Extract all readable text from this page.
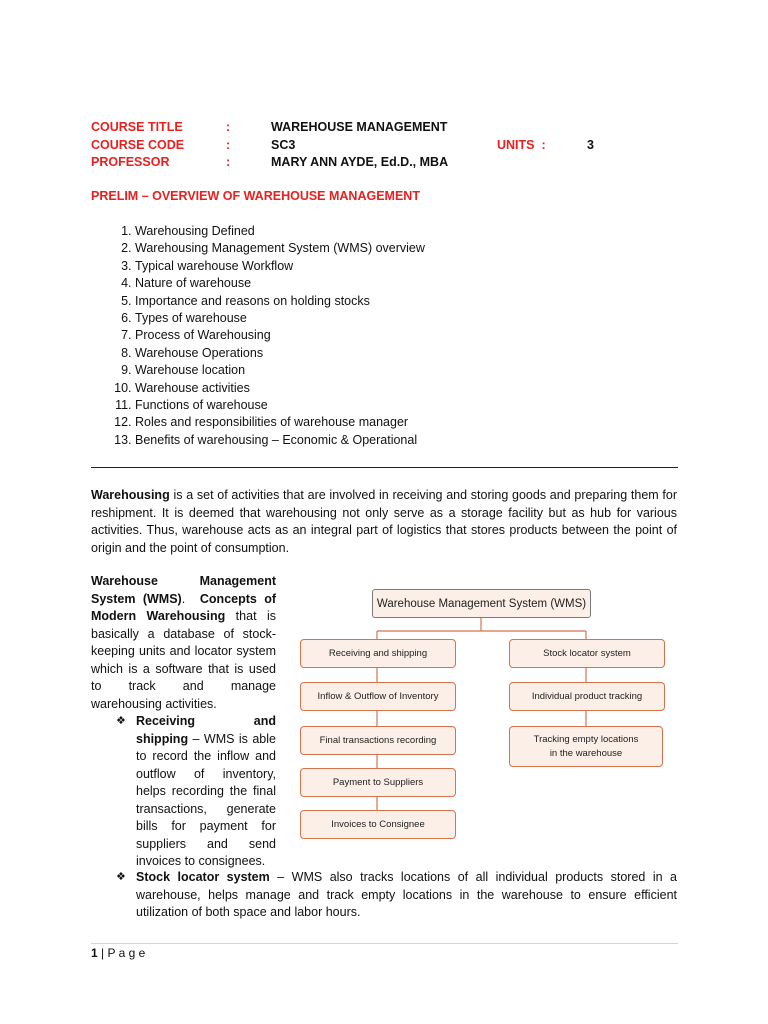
COURSE TITLE
COURSE CODE
PROFESSOR
:
:
:
WAREHOUSE MANAGEMENT
SC3
MARY ANN AYDE, Ed.D., MBA
UNITS  :	3
PRELIM – OVERVIEW OF WAREHOUSE MANAGEMENT
1. Warehousing Defined
2. Warehousing Management System (WMS) overview
3. Typical warehouse Workflow
4. Nature of warehouse
5. Importance and reasons on holding stocks
6. Types of warehouse
7. Process of Warehousing
8. Warehouse Operations
9. Warehouse location
10. Warehouse activities
11. Functions of warehouse
12. Roles and responsibilities of warehouse manager
13. Benefits of warehousing – Economic & Operational
Warehousing is a set of activities that are involved in receiving and storing goods and preparing them for reshipment. It is deemed that warehousing not only serve as a storage facility but as hub for various activities. Thus, warehouse acts as an integral part of logistics that stores products between the point of origin and the point of consumption.
Warehouse Management System (WMS).  Concepts of Modern Warehousing that is basically a database of stock-keeping units and locator system which is a software that is used to track and manage warehousing activities.
❖ Receiving and shipping – WMS is able to record the inflow and outflow of inventory, helps recording the final transactions, generate bills for payment for suppliers and send invoices to consignees.
❖ Stock locator system – WMS also tracks locations of all individual products stored in a warehouse, helps manage and track empty locations in the warehouse to ensure efficient utilization of both space and labor hours.
Warehouse Management System (WMS)
Receiving and shipping
Inflow & Outflow of Inventory
Final transactions recording
Payment to Suppliers
Invoices to Consignee
Stock locator system
Individual product tracking
Tracking empty locations in the warehouse
1 | P a g e
